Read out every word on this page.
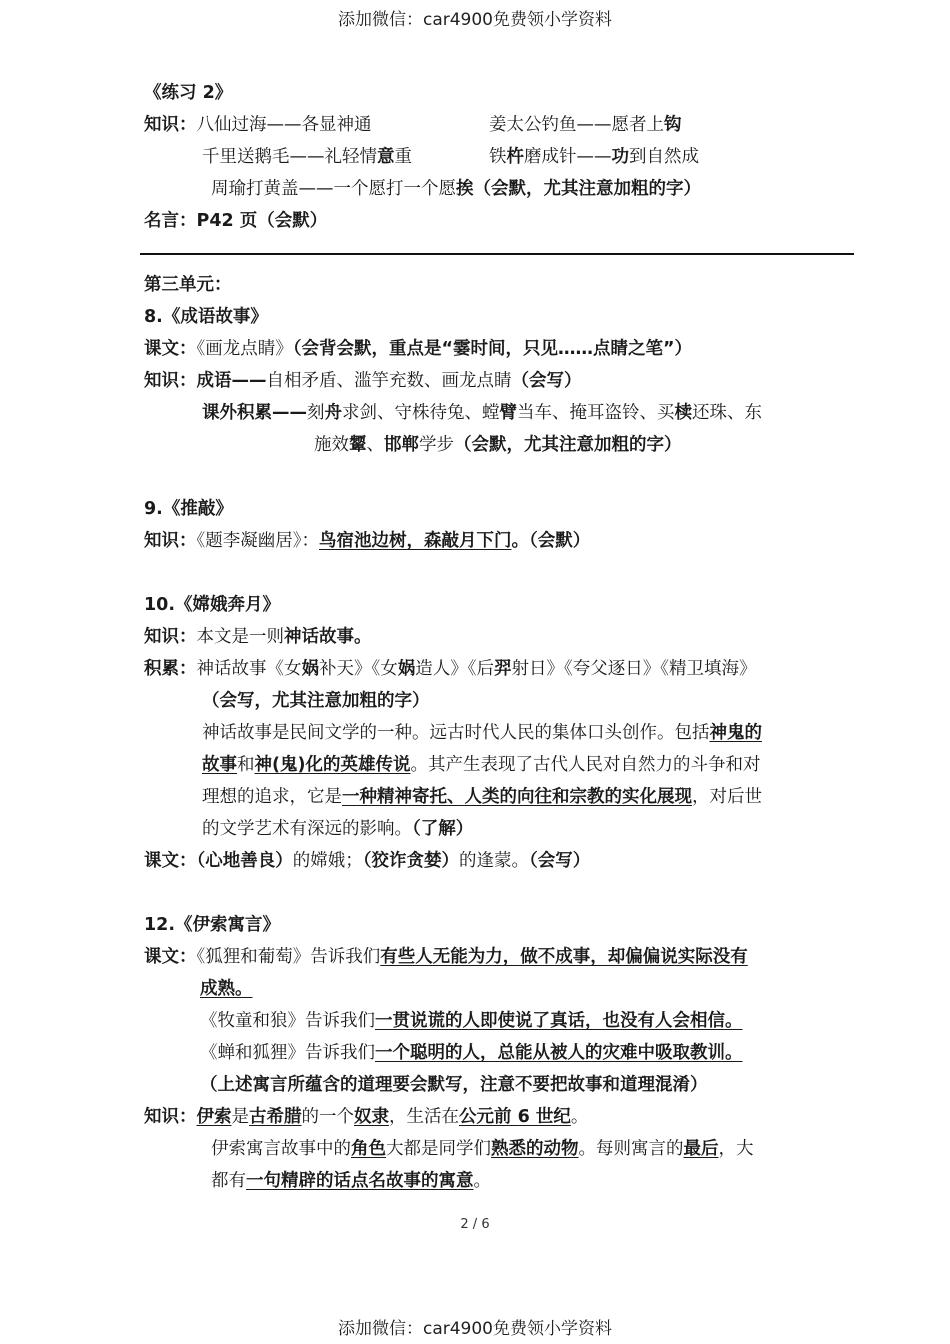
添加微信：car4900免费领小学资料
《练习 2》
知识：八仙过海——各显神通	姜太公钓鱼——愿者上钩
千里送鹅毛——礼轻情意重	铁杵磨成针——功到自然成
周瑜打黄盖——一个愿打一个愿挨（会默，尤其注意加粗的字）
名言：P42 页（会默）
第三单元：
8.《成语故事》
课文：《画龙点睛》（会背会默，重点是“霎时间，只见……点睛之笔”）
知识：成语——自相矛盾、滥竽充数、画龙点睛（会写）
课外积累——刻舟求剑、守株待兔、螳臂当车、掩耳盗铃、买椟还珠、东
施效颦、邯郸学步（会默，尤其注意加粗的字）
9.《推敲》
知识：《题李凝幽居》：鸟宿池边树，森敲月下门。（会默）
10.《嫦娥奔月》
知识：本文是一则神话故事。
积累：神话故事《女娲补天》《女娲造人》《后羿射日》《夸父逐日》《精卫填海》
（会写，尤其注意加粗的字）
神话故事是民间文学的一种。远古时代人民的集体口头创作。包括神鬼的
故事和神(鬼)化的英雄传说。其产生表现了古代人民对自然力的斗争和对
理想的追求，它是一种精神寄托、人类的向往和宗教的实化展现，对后世
的文学艺术有深远的影响。（了解）
课文：（心地善良）的嫦娥；（狡诈贪婪）的逢蒙。（会写）
12.《伊索寓言》
课文：《狐狸和葡萄》告诉我们有些人无能为力，做不成事，却偏偏说实际没有
成熟。
《牧童和狼》告诉我们一贯说谎的人即使说了真话，也没有人会相信。
《蝉和狐狸》告诉我们一个聪明的人，总能从被人的灾难中吸取教训。
（上述寓言所蕴含的道理要会默写，注意不要把故事和道理混淆）
知识：伊索是古希腊的一个奴隶，生活在公元前 6 世纪。
伊索寓言故事中的角色大都是同学们熟悉的动物。每则寓言的最后，大
都有一句精辟的话点名故事的寓意。
2 / 6
添加微信：car4900免费领小学资料
